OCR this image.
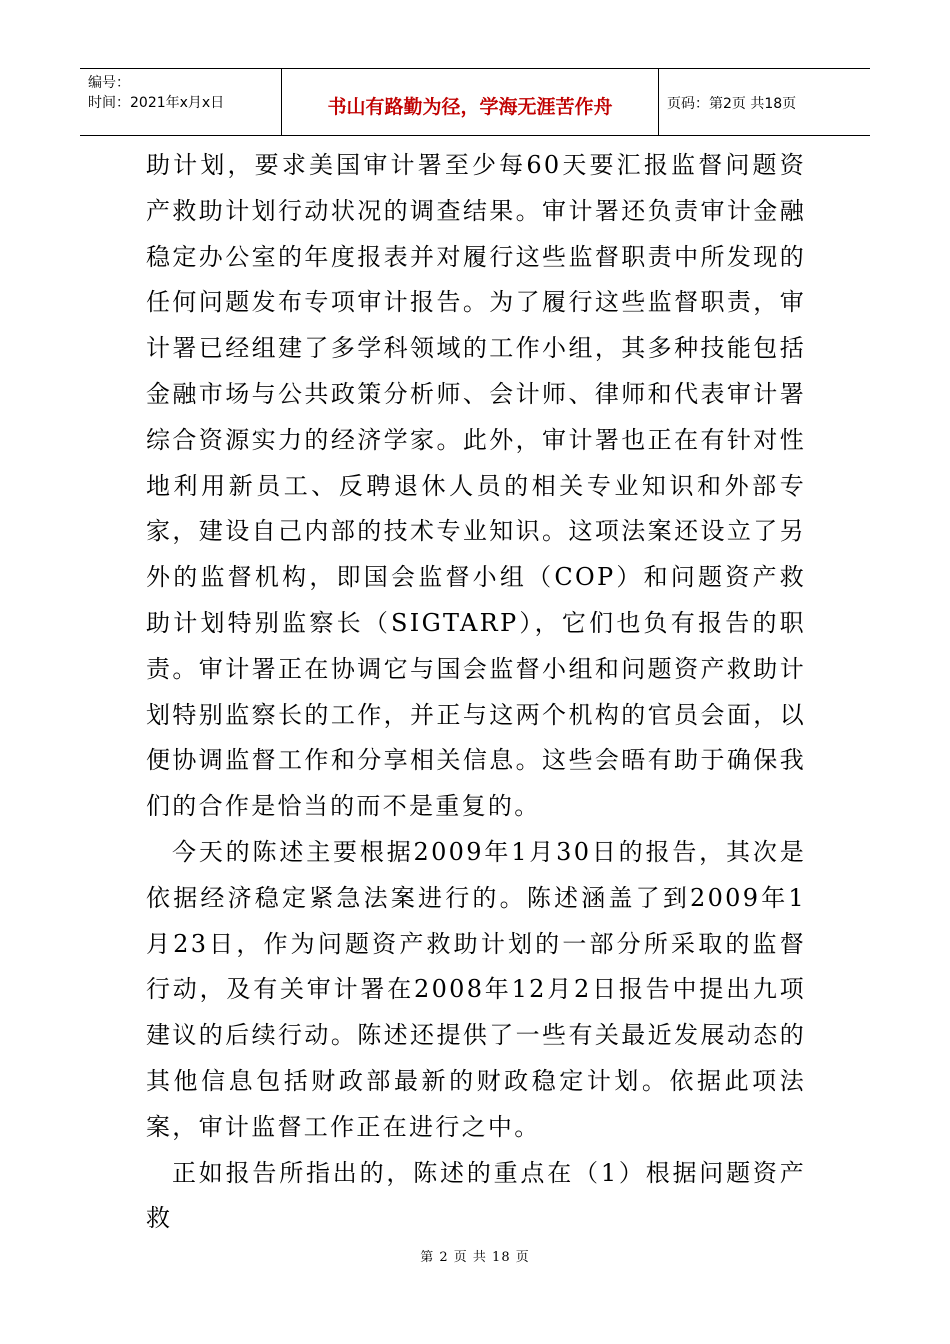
编号：
时间：2021年x月x日	书山有路勤为径，学海无涯苦作舟	页码：第2页 共18页

助计划，要求美国审计署至少每60天要汇报监督问题资产救助计划行动状况的调查结果。审计署还负责审计金融稳定办公室的年度报表并对履行这些监督职责中所发现的任何问题发布专项审计报告。为了履行这些监督职责，审计署已经组建了多学科领域的工作小组，其多种技能包括金融市场与公共政策分析师、会计师、律师和代表审计署综合资源实力的经济学家。此外，审计署也正在有针对性地利用新员工、反聘退休人员的相关专业知识和外部专家，建设自己内部的技术专业知识。这项法案还设立了另外的监督机构，即国会监督小组（COP）和问题资产救助计划特别监察长（SIGTARP），它们也负有报告的职责。审计署正在协调它与国会监督小组和问题资产救助计划特别监察长的工作，并正与这两个机构的官员会面，以便协调监督工作和分享相关信息。这些会晤有助于确保我们的合作是恰当的而不是重复的。

今天的陈述主要根据2009年1月30日的报告，其次是依据经济稳定紧急法案进行的。陈述涵盖了到2009年1月23日，作为问题资产救助计划的一部分所采取的监督行动，及有关审计署在2008年12月2日报告中提出九项建议的后续行动。陈述还提供了一些有关最近发展动态的其他信息包括财政部最新的财政稳定计划。依据此项法案，审计监督工作正在进行之中。

正如报告所指出的，陈述的重点在（1）根据问题资产救

第 2 页 共 18 页
